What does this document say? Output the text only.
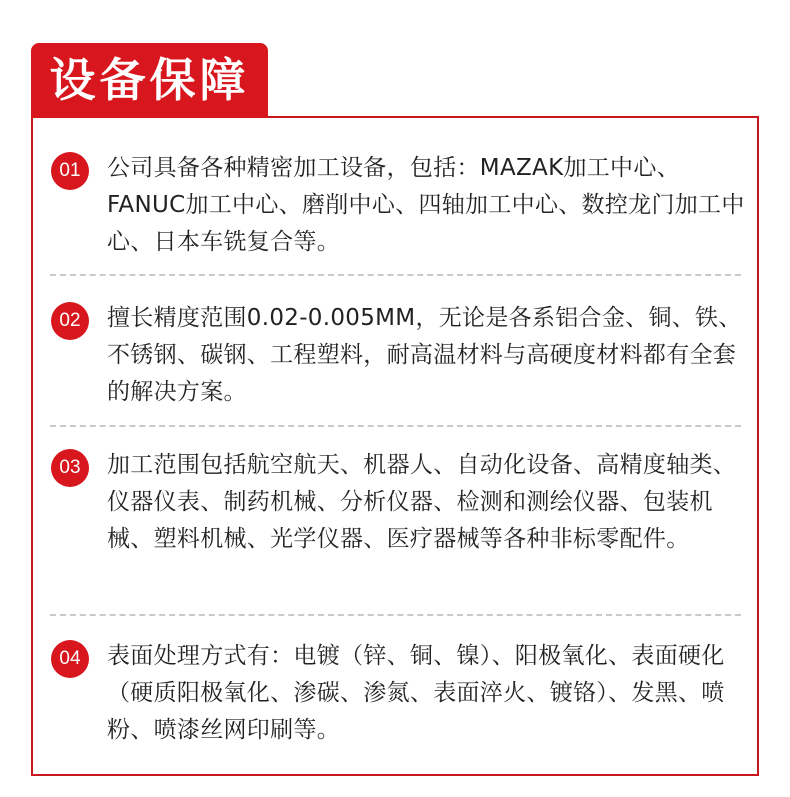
设备保障
01	公司具备各种精密加工设备，包括：MAZAK加工中心、FANUC加工中心、磨削中心、四轴加工中心、数控龙门加工中心、日本车铣复合等。
02	擅长精度范围0.02-0.005MM，无论是各系铝合金、铜、铁、不锈钢、碳钢、工程塑料，耐高温材料与高硬度材料都有全套的解决方案。
03	加工范围包括航空航天、机器人、自动化设备、高精度轴类、仪器仪表、制药机械、分析仪器、检测和测绘仪器、包装机械、塑料机械、光学仪器、医疗器械等各种非标零配件。
04	表面处理方式有：电镀（锌、铜、镍）、阳极氧化、表面硬化（硬质阳极氧化、渗碳、渗氮、表面淬火、镀铬）、发黑、喷粉、喷漆丝网印刷等。
